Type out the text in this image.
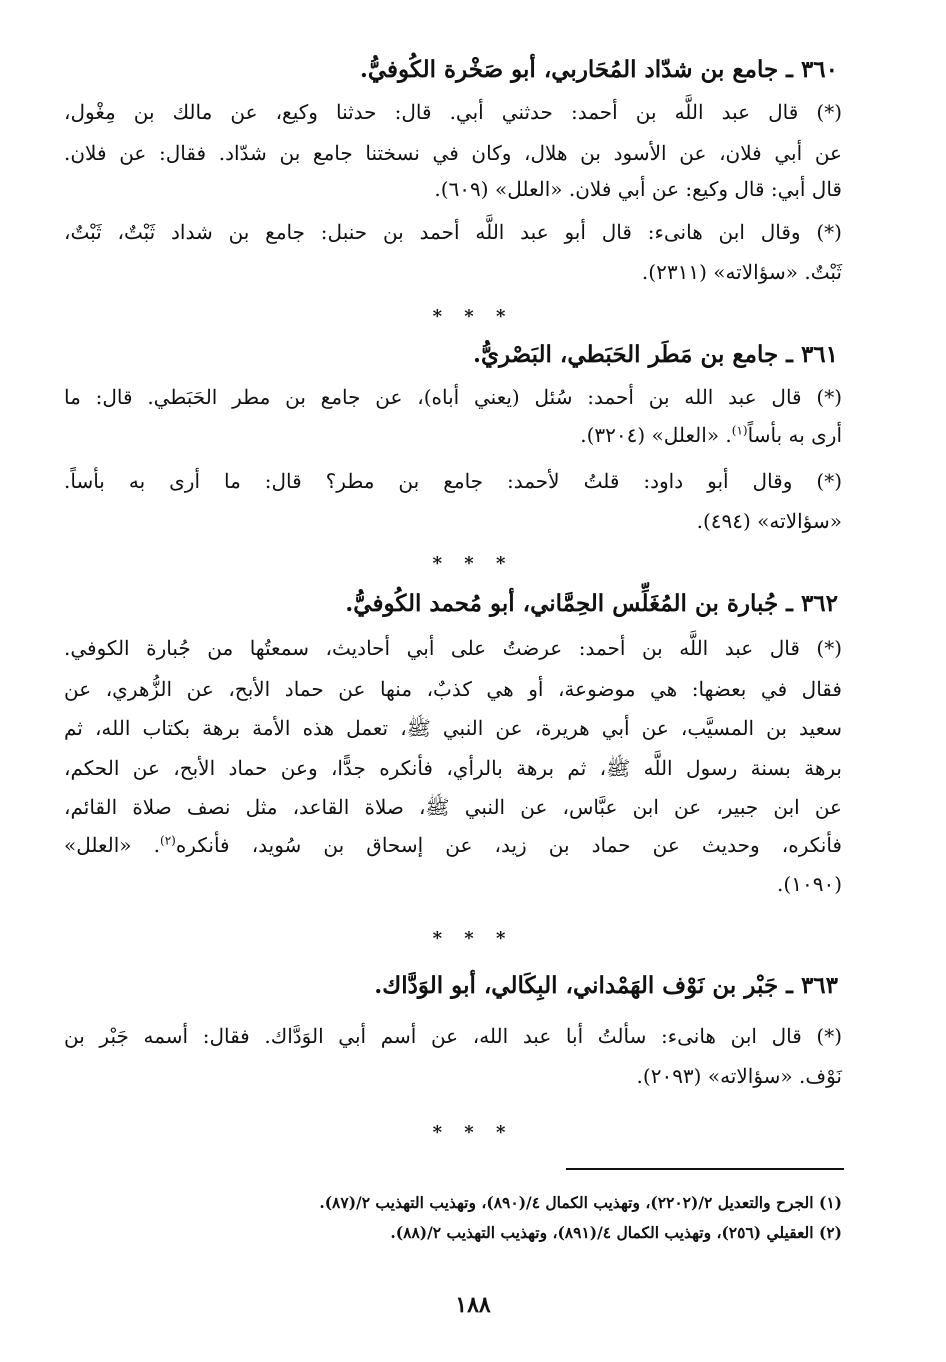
٣٦٠ ـ جامع بن شدّاد المُحَاربي، أبو صَخْرة الكُوفيُّ.
(*) قال عبد اللَّه بن أحمد: حدثني أبي. قال: حدثنا وكيع، عن مالك بن مِغْول،
عن أبي فلان، عن الأسود بن هلال، وكان في نسختنا جامع بن شدّاد. فقال: عن فلان.
قال أبي: قال وكيع: عن أبي فلان. «العلل» (٦٠٩).
(*) وقال ابن هانىء: قال أبو عبد اللَّه أحمد بن حنبل: جامع بن شداد ثَبْتٌ، ثَبْتٌ،
ثَبْتٌ. «سؤالاته» (٢٣١١).
* * *
٣٦١ ـ جامع بن مَطَر الحَبَطي، البَصْريُّ.
(*) قال عبد الله بن أحمد: سُئل (يعني أباه)، عن جامع بن مطر الحَبَطي. قال: ما
أرى به بأساً$^{(١)}$. «العلل» (٣٢٠٤).
(*) وقال أبو داود: قلتُ لأحمد: جامع بن مطر؟ قال: ما أرى به بأساً.
«سؤالاته» (٤٩٤).
* * *
٣٦٢ ـ جُبارة بن المُغَلِّس الحِمَّاني، أبو مُحمد الكُوفيُّ.
(*) قال عبد اللَّه بن أحمد: عرضتُ على أبي أحاديث، سمعتُها من جُبارة الكوفي.
فقال في بعضها: هي موضوعة، أو هي كذبٌ، منها عن حماد الأبح، عن الزُّهري، عن
سعيد بن المسيَّب، عن أبي هريرة، عن النبي ﷺ، تعمل هذه الأمة برهة بكتاب الله، ثم
برهة بسنة رسول اللَّه ﷺ، ثم برهة بالرأي، فأنكره جدًّا، وعن حماد الأبح، عن الحكم،
عن ابن جبير، عن ابن عبَّاس، عن النبي ﷺ، صلاة القاعد، مثل نصف صلاة القائم،
فأنكره، وحديث عن حماد بن زيد، عن إسحاق بن سُويد، فأنكره$^{(٢)}$. «العلل»
(١٠٩٠).
* * *
٣٦٣ ـ جَبْر بن نَوْف الهَمْداني، البِكَالي، أبو الوَدَّاك.
(*) قال ابن هانىء: سألتُ أبا عبد الله، عن أسم أبي الوَدَّاك. فقال: أسمه جَبْر بن
نَوْف. «سؤالاته» (٢٠٩٣).
* * *
(١) الجرح والتعديل ٢/(٢٢٠٢)، وتهذيب الكمال ٤/(٨٩٠)، وتهذيب التهذيب ٢/(٨٧).
(٢) العقيلي (٢٥٦)، وتهذيب الكمال ٤/(٨٩١)، وتهذيب التهذيب ٢/(٨٨).
١٨٨
